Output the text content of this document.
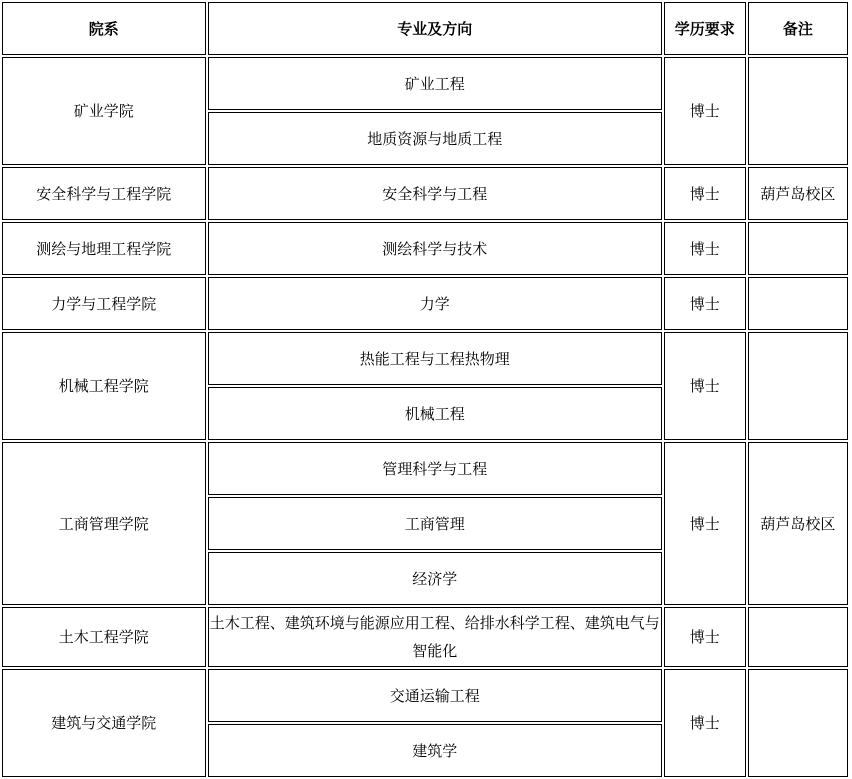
院系	专业及方向	学历要求	备注
矿业学院	矿业工程	博士	
	地质资源与地质工程		
安全科学与工程学院	安全科学与工程	博士	葫芦岛校区
测绘与地理工程学院	测绘科学与技术	博士	
力学与工程学院	力学	博士	
机械工程学院	热能工程与工程热物理	博士	
	机械工程		
工商管理学院	管理科学与工程	博士	葫芦岛校区
	工商管理		
	经济学		
土木工程学院	土木工程、建筑环境与能源应用工程、给排水科学工程、建筑电气与智能化	博士	
建筑与交通学院	交通运输工程	博士	
	建筑学		
